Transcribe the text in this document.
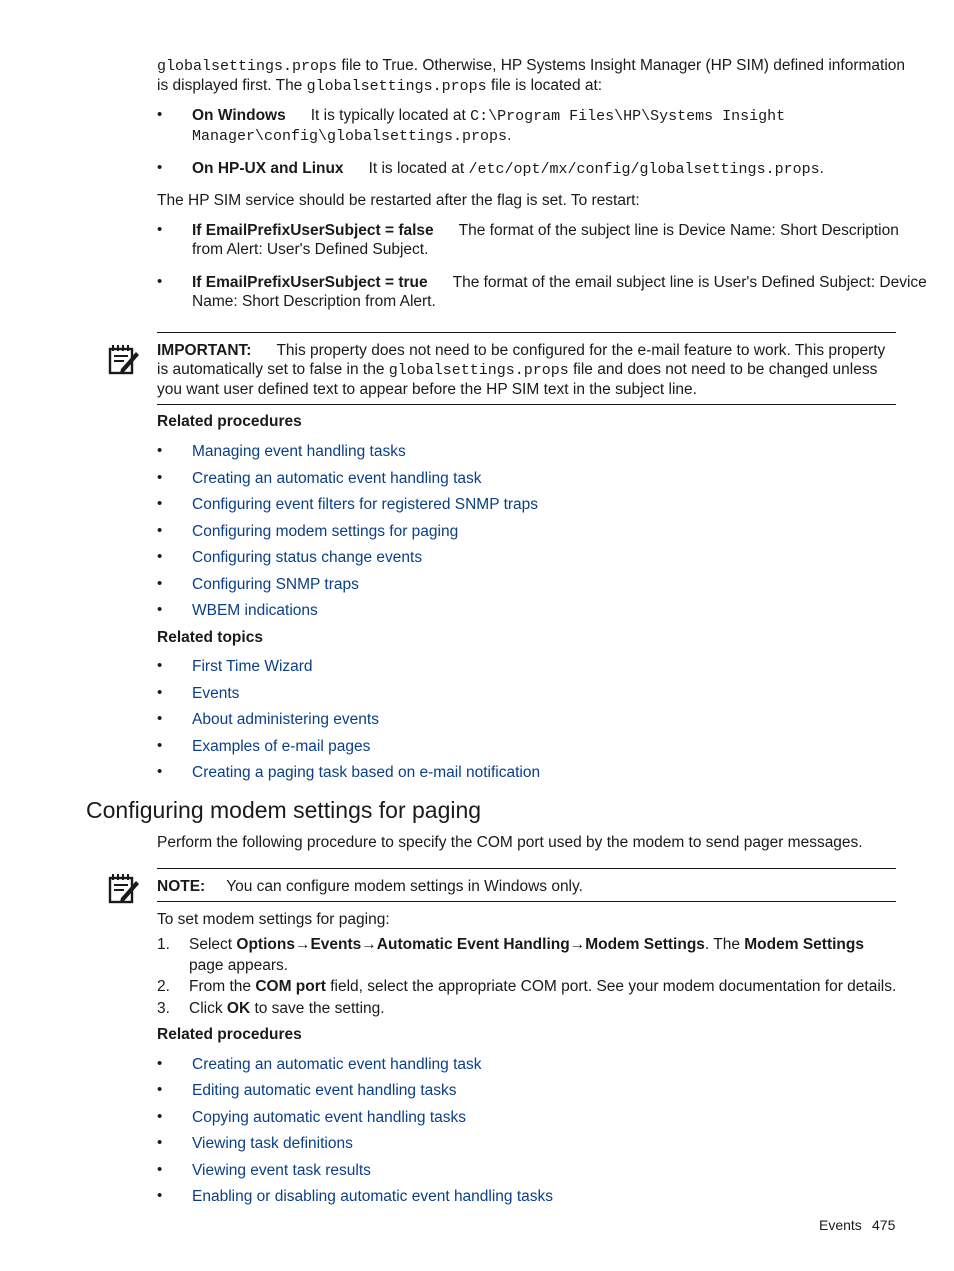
globalsettings.props file to True. Otherwise, HP Systems Insight Manager (HP SIM) defined information
is displayed first. The globalsettings.props file is located at:
• On Windows It is typically located at C:\Program Files\HP\Systems Insight
Manager\config\globalsettings.props.
• On HP-UX and Linux It is located at /etc/opt/mx/config/globalsettings.props.
The HP SIM service should be restarted after the flag is set. To restart:
• If EmailPrefixUserSubject = false The format of the subject line is Device Name: Short Description
from Alert: User's Defined Subject.
• If EmailPrefixUserSubject = true The format of the email subject line is User's Defined Subject: Device
Name: Short Description from Alert.
IMPORTANT: This property does not need to be configured for the e-mail feature to work. This property
is automatically set to false in the globalsettings.props file and does not need to be changed unless
you want user defined text to appear before the HP SIM text in the subject line.
Related procedures
• Managing event handling tasks
• Creating an automatic event handling task
• Configuring event filters for registered SNMP traps
• Configuring modem settings for paging
• Configuring status change events
• Configuring SNMP traps
• WBEM indications
Related topics
• First Time Wizard
• Events
• About administering events
• Examples of e-mail pages
• Creating a paging task based on e-mail notification
Configuring modem settings for paging
Perform the following procedure to specify the COM port used by the modem to send pager messages.
NOTE: You can configure modem settings in Windows only.
To set modem settings for paging:
1. Select Options→Events→Automatic Event Handling→Modem Settings. The Modem Settings
page appears.
2. From the COM port field, select the appropriate COM port. See your modem documentation for details.
3. Click OK to save the setting.
Related procedures
• Creating an automatic event handling task
• Editing automatic event handling tasks
• Copying automatic event handling tasks
• Viewing task definitions
• Viewing event task results
• Enabling or disabling automatic event handling tasks
Events 475
